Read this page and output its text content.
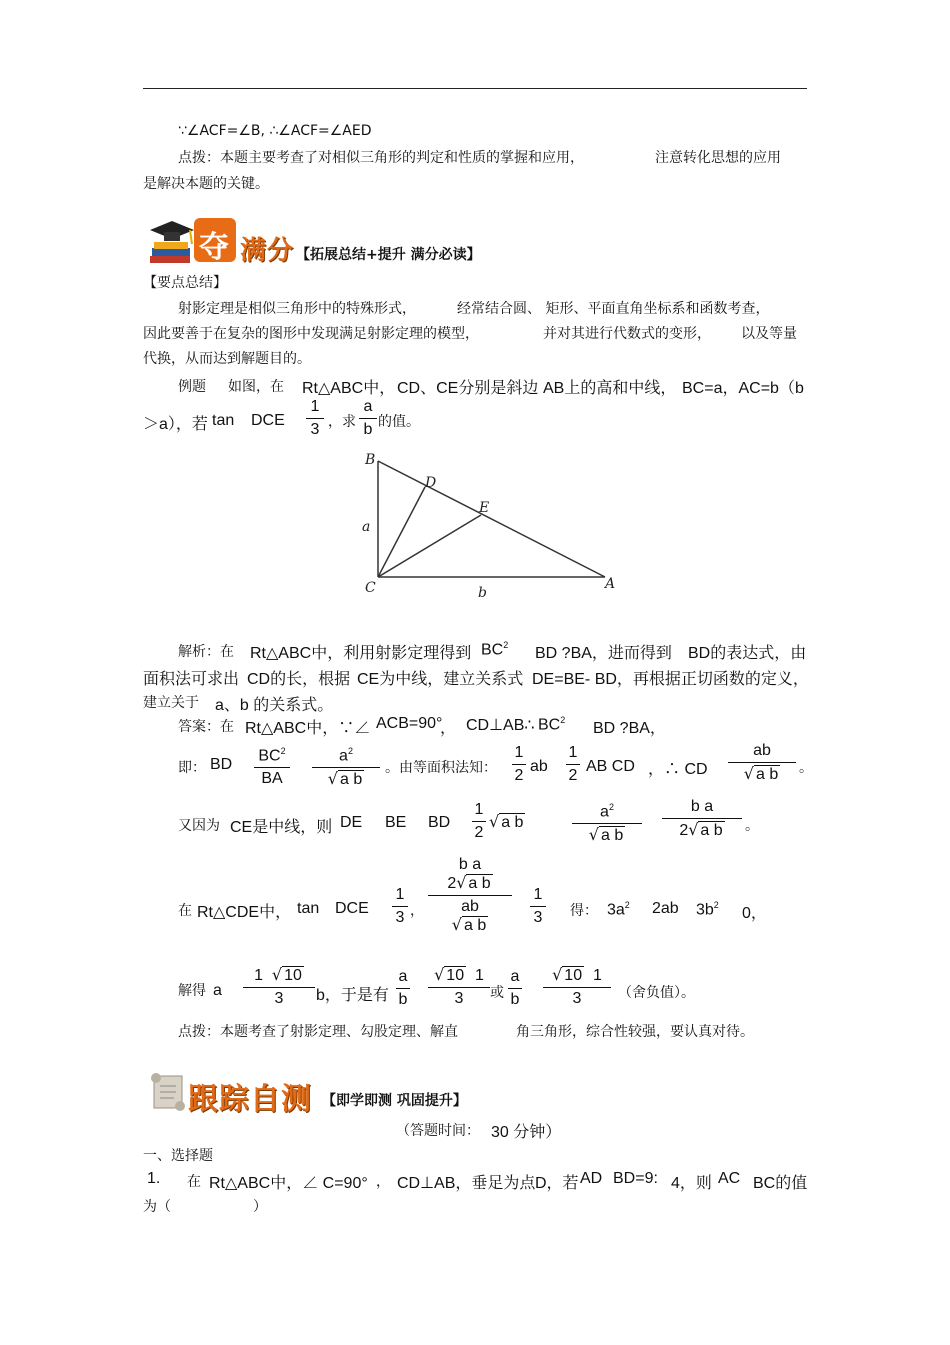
∵∠ACF=∠B, ∴∠ACF=∠AED
点拨：本题主要考查了对相似三角形的判定和性质的掌握和应用，	注意转化思想的应用
是解决本题的关键。
夺 满分 【拓展总结+提升 满分必读】
【要点总结】
射影定理是相似三角形中的特殊形式，	经常结合圆、 矩形、平面直角坐标系和函数考查，
因此要善于在复杂的图形中发现满足射影定理的模型，	并对其进行代数式的变形， 以及等量
代换，从而达到解题目的。
例题 如图，在 Rt△ABC中， CD、CE分别是斜边 AB上的高和中线， BC=a，AC=b（b
＞a），若 tan DCE
1
3 ，求
a
b 的值。
B
D
E
a
C	b
A
解析：在 Rt△ABC中，利用射影定理得到 $BC^2$ BD ?BA，进而得到 BD的表达式，由
面积法可求出 CD的长，根据 CE为中线，建立关系式 DE=BE- BD，再根据正切函数的定义，
建立关于 a、b 的关系式。
答案：在 Rt△ABC中，∵∠ ACB=90°
， CD⊥AB∴ $BC^2$ BD ?BA，
即： BD
$BC^2$
BA
$a^2$
√ a b
。由等面积法知：
1
2
ab
1
2
AB CD ，∴ CD
ab
√ a b	。
又因为 CE是中线，则 DE BE BD
1
2
√ a b
$a^2$
√ a b
b a
2√ a b	。
在 Rt△CDE中， tan DCE
1
3 ，
b a
2√ a b
ab
√ a b
1
3 得： $3a^2$ 2ab $3b^2$ 0，
解得 a
1 √ 10
3	b，于是有
a
b
√ 10 1
3	或
a
b
√ 10 1
3	（舍负值）。
点拨：本题考查了射影定理、勾股定理、解直	角三角形，综合性较强，要认真对待。
跟踪自测 【即学即测 巩固提升】
（答题时间： 30 分钟）
一、选择题
1. 在 Rt△ABC中，∠ C=90° ， CD⊥AB，垂足为点 D，若 AD BD=9: 4，则 AC BC的值
为（	）
